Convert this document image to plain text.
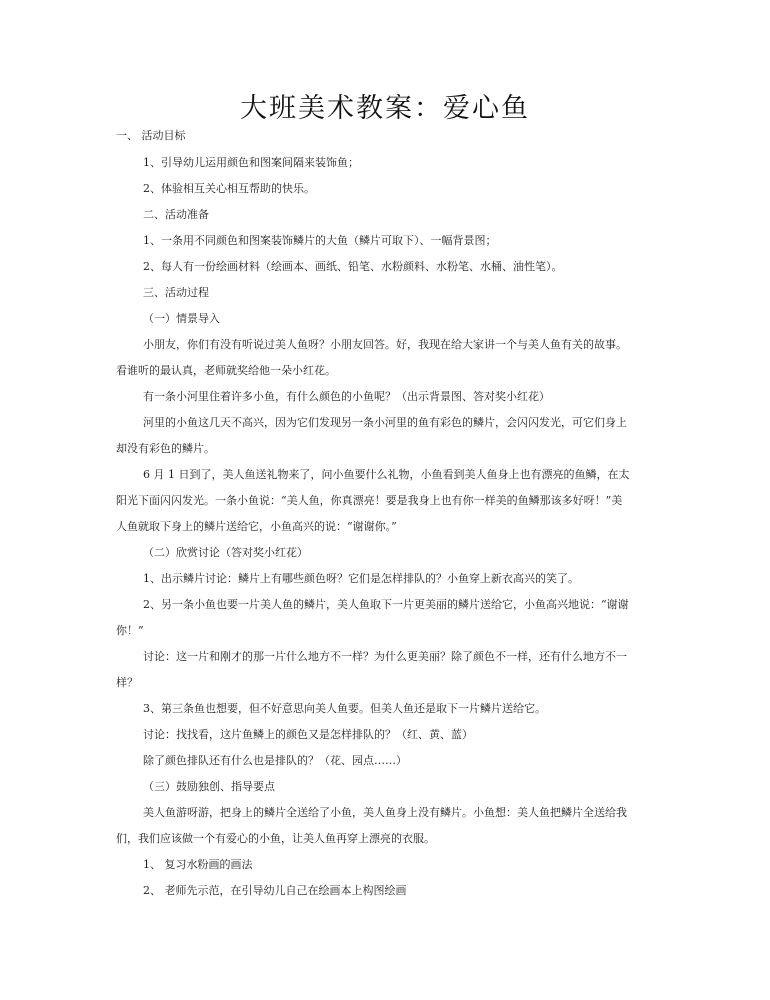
大班美术教案：爱心鱼
一、 活动目标
1、引导幼儿运用颜色和图案间隔来装饰鱼；
2、体验相互关心相互帮助的快乐。
二、活动准备
1、一条用不同颜色和图案装饰鳞片的大鱼（鳞片可取下）、一幅背景图；
2、每人有一份绘画材料（绘画本、画纸、铅笔、水粉颜料、水粉笔、水桶、油性笔）。
三、活动过程
（一）情景导入
小朋友，你们有没有听说过美人鱼呀？小朋友回答。好，我现在给大家讲一个与美人鱼有关的故事。
看谁听的最认真，老师就奖给他一朵小红花。
有一条小河里住着许多小鱼，有什么颜色的小鱼呢？（出示背景图、答对奖小红花）
河里的小鱼这几天不高兴，因为它们发现另一条小河里的鱼有彩色的鳞片，会闪闪发光，可它们身上
却没有彩色的鳞片。
6 月 1 日到了，美人鱼送礼物来了，问小鱼要什么礼物，小鱼看到美人鱼身上也有漂亮的鱼鳞，在太
阳光下面闪闪发光。一条小鱼说：“美人鱼，你真漂亮！要是我身上也有你一样美的鱼鳞那该多好呀！”美
人鱼就取下身上的鳞片送给它，小鱼高兴的说：“谢谢你。”
（二）欣赏讨论（答对奖小红花）
1、出示鳞片讨论：鳞片上有哪些颜色呀？它们是怎样排队的？小鱼穿上新衣高兴的笑了。
2、另一条小鱼也要一片美人鱼的鳞片，美人鱼取下一片更美丽的鳞片送给它，小鱼高兴地说：“谢谢
你！”
讨论：这一片和刚才的那一片什么地方不一样？为什么更美丽？除了颜色不一样，还有什么地方不一
样？
3、第三条鱼也想要，但不好意思向美人鱼要。但美人鱼还是取下一片鳞片送给它。
讨论：找找看，这片鱼鳞上的颜色又是怎样排队的？（红、黄、蓝）
除了颜色排队还有什么也是排队的？（花、园点……）
（三）鼓励独创、指导要点
美人鱼游呀游，把身上的鳞片全送给了小鱼，美人鱼身上没有鳞片。小鱼想：美人鱼把鳞片全送给我
们，我们应该做一个有爱心的小鱼，让美人鱼再穿上漂亮的衣服。
1、 复习水粉画的画法
2、 老师先示范，在引导幼儿自己在绘画本上构图绘画
